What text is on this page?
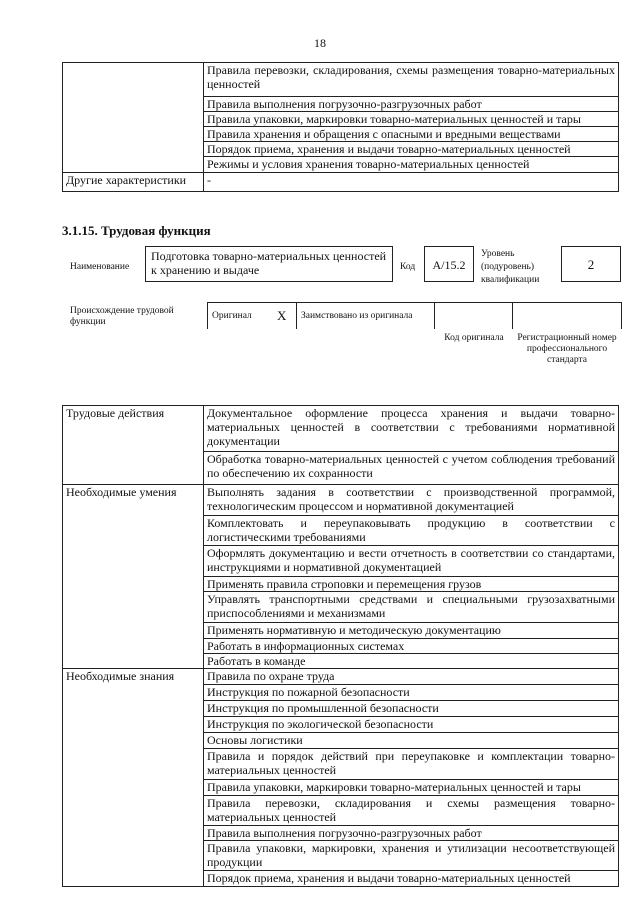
18
	Правила перевозки, складирования, схемы размещения товарно-материальных ценностей
	Правила выполнения погрузочно-разгрузочных работ
	Правила упаковки, маркировки товарно-материальных ценностей и тары
	Правила хранения и обращения с опасными и вредными веществами
	Порядок приема, хранения и выдачи товарно-материальных ценностей
	Режимы и условия хранения товарно-материальных ценностей
Другие характеристики	-
3.1.15. Трудовая функция
Наименование
Подготовка товарно-материальных ценностей к хранению и выдаче	Код	A/15.2
Уровень (подуровень) квалификации
2
Происхождение трудовой функции
Оригинал X Заимствовано из оригинала
Код оригинала	Регистрационный номер профессионального стандарта
Трудовые действия	Документальное оформление процесса хранения и выдачи товарно-материальных ценностей в соответствии с требованиями нормативной документации
	Обработка товарно-материальных ценностей с учетом соблюдения требований по обеспечению их сохранности
Необходимые умения	Выполнять задания в соответствии с производственной программой, технологическим процессом и нормативной документацией
	Комплектовать и переупаковывать продукцию в соответствии с логистическими требованиями
	Оформлять документацию и вести отчетность в соответствии со стандартами, инструкциями и нормативной документацией
	Применять правила строповки и перемещения грузов
	Управлять транспортными средствами и специальными грузозахватными приспособлениями и механизмами
	Применять нормативную и методическую документацию
	Работать в информационных системах
	Работать в команде
Необходимые знания	Правила по охране труда
	Инструкция по пожарной безопасности
	Инструкция по промышленной безопасности
	Инструкция по экологической безопасности
	Основы логистики
	Правила и порядок действий при переупаковке и комплектации товарно-материальных ценностей
	Правила упаковки, маркировки товарно-материальных ценностей и тары
	Правила перевозки, складирования и схемы размещения товарно-материальных ценностей
	Правила выполнения погрузочно-разгрузочных работ
	Правила упаковки, маркировки, хранения и утилизации несоответствующей продукции
	Порядок приема, хранения и выдачи товарно-материальных ценностей
